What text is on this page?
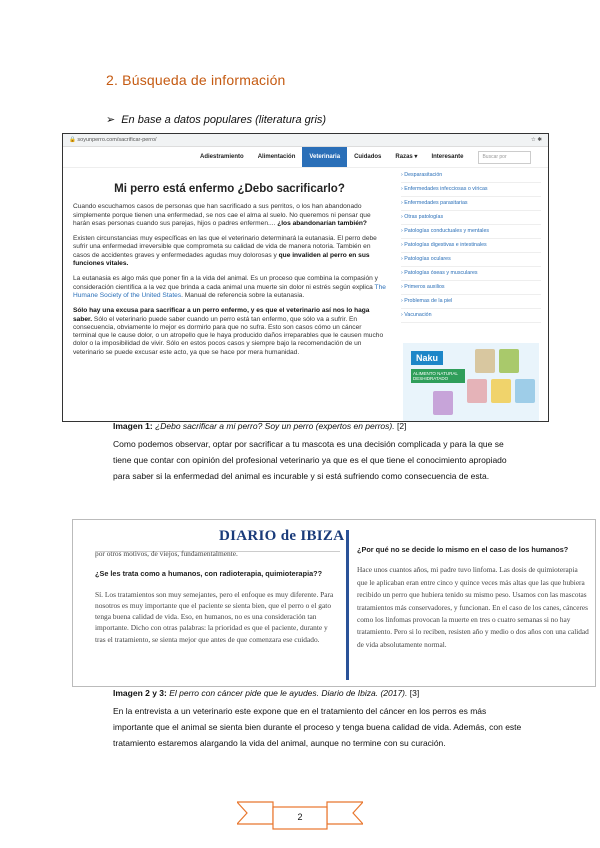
2. Búsqueda de información
➢ En base a datos populares (literatura gris)
🔒 soyunperro.com/sacrificar-perro/	☆ ✱
Adiestramiento	Alimentación	Veterinaria	Cuidados	Razas ▾	Interesante	Buscar por
Mi perro está enfermo ¿Debo sacrificarlo?

Cuando escuchamos casos de personas que han sacrificado a sus perritos, o los han abandonado simplemente porque tienen una enfermedad, se nos cae el alma al suelo. No queremos ni pensar que harán esas personas cuando sus parejas, hijos o padres enfermen.... ¿los abandonarían también?

Existen circunstancias muy específicas en las que el veterinario determinará la eutanasia. El perro debe sufrir una enfermedad irreversible que comprometa su calidad de vida de manera notoria. También en casos de accidentes graves y enfermedades agudas muy dolorosas y que invaliden al perro en sus funciones vitales.

La eutanasia es algo más que poner fin a la vida del animal. Es un proceso que combina la compasión y consideración científica a la vez que brinda a cada animal una muerte sin dolor ni estrés según explica The Humane Society of the United States. Manual de referencia sobre la eutanasia.

Sólo hay una excusa para sacrificar a un perro enfermo, y es que el veterinario así nos lo haga saber. Sólo el veterinario puede saber cuando un perro está tan enfermo, que sólo va a sufrir. En consecuencia, obviamente lo mejor es dormirlo para que no sufra. Esto son casos cómo un cáncer terminal que le cause dolor, o un atropello que le haya producido daños irreparables que le causen mucho dolor o la imposibilidad de vivir. Sólo en estos pocos casos y siempre bajo la recomendación de un veterinario se puede excusar este acto, ya que se hace por mera humanidad.

› Desparasitación
› Enfermedades infecciosas o víricas
› Enfermedades parasitarias
› Otras patologías
› Patologías conductuales y mentales
› Patologías digestivas e intestinales
› Patologías oculares
› Patologías óseas y musculares
› Primeros auxilios
› Problemas de la piel
› Vacunación
Naku
ALIMENTO NATURAL DESHIDRATADO
Imagen 1: ¿Debo sacrificar a mi perro? Soy un perro (expertos en perros). [2]
Como podemos observar, optar por sacrificar a tu mascota es una decisión complicada y para la que se tiene que contar con opinión del profesional veterinario ya que es el que tiene el conocimiento apropiado para saber si la enfermedad del animal es incurable y si está sufriendo como consecuencia de esta.
DIARIO de IBIZA

por otros motivos, de viejos, fundamentalmente.

¿Se les trata como a humanos, con radioterapia, quimioterapia??

Sí. Los tratamientos son muy semejantes, pero el enfoque es muy diferente. Para nosotros es muy importante que el paciente se sienta bien, que el perro o el gato tenga buena calidad de vida. Eso, en humanos, no es una consideración tan importante. Dicho con otras palabras: la prioridad es que el paciente, durante y tras el tratamiento, se sienta mejor que antes de que comenzara ese cuidado.

¿Por qué no se decide lo mismo en el caso de los humanos?

Hace unos cuantos años, mi padre tuvo linfoma. Las dosis de quimioterapia que le aplicaban eran entre cinco y quince veces más altas que las que hubiera recibido un perro que hubiera tenido su mismo peso. Usamos con las mascotas tratamientos más conservadores, y funcionan. En el caso de los canes, cánceres como los linfomas provocan la muerte en tres o cuatro semanas si no hay tratamiento. Pero si lo reciben, resisten año y medio o dos años con una calidad de vida absolutamente normal.

Imagen 2 y 3: El perro con cáncer pide que le ayudes. Diario de Ibiza. (2017). [3]
En la entrevista a un veterinario este expone que en el tratamiento del cáncer en los perros es más importante que el animal se sienta bien durante el proceso y tenga buena calidad de vida. Además, con este tratamiento estaremos alargando la vida del animal, aunque no termine con su curación.
2
